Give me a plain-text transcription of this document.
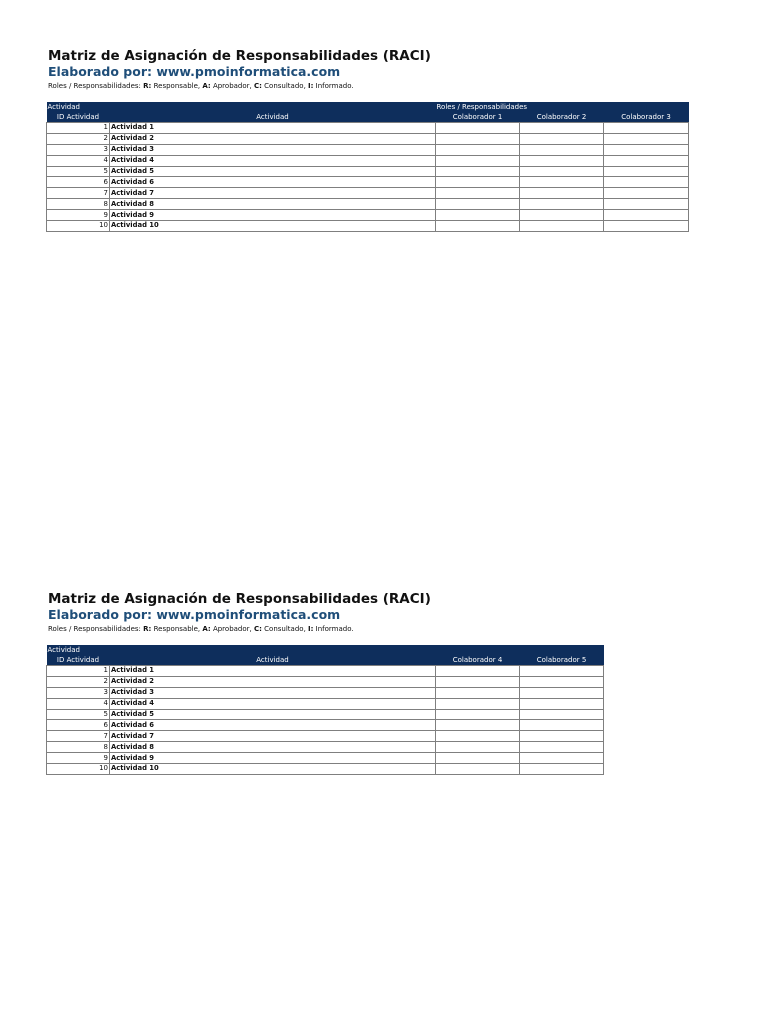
Matriz de Asignación de Responsabilidades (RACI)
Elaborado por: www.pmoinformatica.com
Roles / Responsabilidades: R: Responsable, A: Aprobador, C: Consultado, I: Informado.
Actividad		Roles / Responsabilidades		
ID Actividad	Actividad	Colaborador 1	Colaborador 2	Colaborador 3
1	Actividad 1			
2	Actividad 2			
3	Actividad 3			
4	Actividad 4			
5	Actividad 5			
6	Actividad 6			
7	Actividad 7			
8	Actividad 8			
9	Actividad 9			
10	Actividad 10			
Matriz de Asignación de Responsabilidades (RACI)
Elaborado por: www.pmoinformatica.com
Roles / Responsabilidades: R: Responsable, A: Aprobador, C: Consultado, I: Informado.
Actividad			
ID Actividad	Actividad	Colaborador 4	Colaborador 5
1	Actividad 1		
2	Actividad 2		
3	Actividad 3		
4	Actividad 4		
5	Actividad 5		
6	Actividad 6		
7	Actividad 7		
8	Actividad 8		
9	Actividad 9		
10	Actividad 10		
